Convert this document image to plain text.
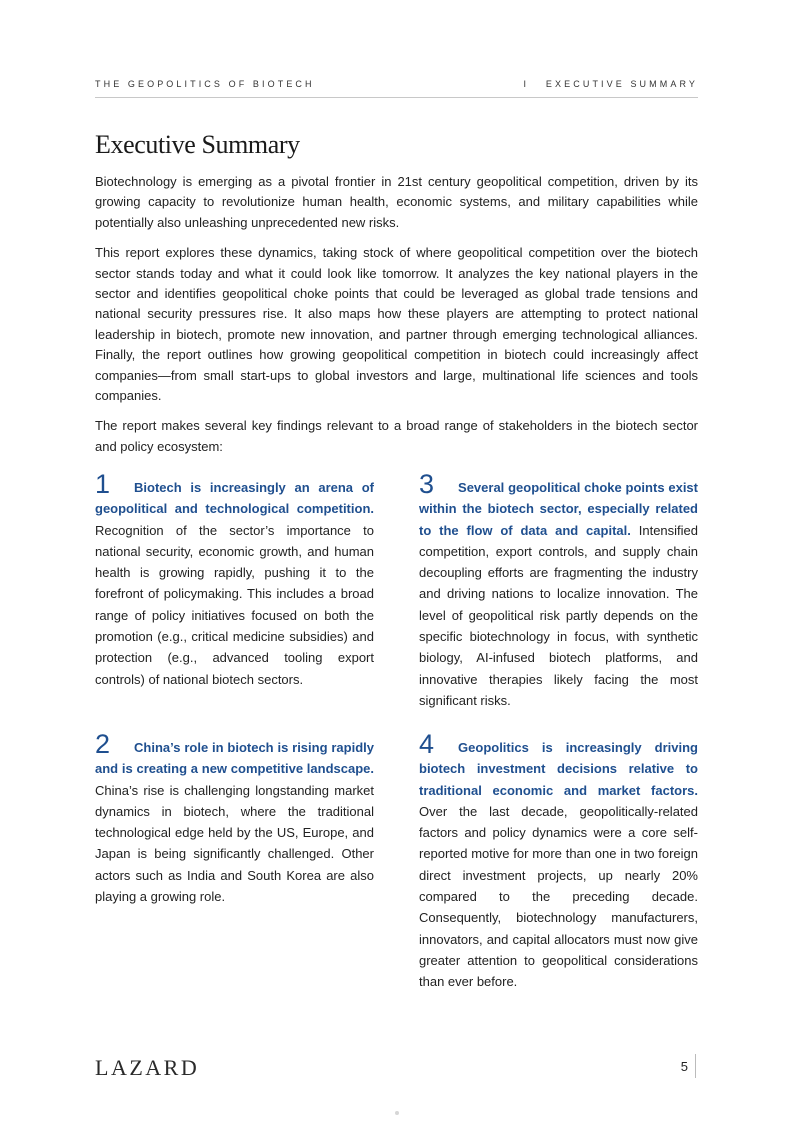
THE GEOPOLITICS OF BIOTECH	I   EXECUTIVE SUMMARY
Executive Summary

Biotechnology is emerging as a pivotal frontier in 21st century geopolitical competition, driven by its growing capacity to revolutionize human health, economic systems, and military capabilities while potentially also unleashing unprecedented new risks.

This report explores these dynamics, taking stock of where geopolitical competition over the biotech sector stands today and what it could look like tomorrow. It analyzes the key national players in the sector and identifies geopolitical choke points that could be leveraged as global trade tensions and national security pressures rise. It also maps how these players are attempting to protect national leadership in biotech, promote new innovation, and partner through emerging technological alliances. Finally, the report outlines how growing geopolitical competition in biotech could increasingly affect companies—from small start-ups to global investors and large, multinational life sciences and tools companies.

The report makes several key findings relevant to a broad range of stakeholders in the biotech sector and policy ecosystem:

1 Biotech is increasingly an arena of geopolitical and technological competition. Recognition of the sector’s importance to national security, economic growth, and human health is growing rapidly, pushing it to the forefront of policymaking. This includes a broad range of policy initiatives focused on both the promotion (e.g., critical medicine subsidies) and protection (e.g., advanced tooling export controls) of national biotech sectors.
2 China’s role in biotech is rising rapidly and is creating a new competitive landscape. China’s rise is challenging longstanding market dynamics in biotech, where the traditional technological edge held by the US, Europe, and Japan is being significantly challenged. Other actors such as India and South Korea are also playing a growing role.
3 Several geopolitical choke points exist within the biotech sector, especially related to the flow of data and capital. Intensified competition, export controls, and supply chain decoupling efforts are fragmenting the industry and driving nations to localize innovation. The level of geopolitical risk partly depends on the specific biotechnology in focus, with synthetic biology, AI-infused biotech platforms, and innovative therapies likely facing the most significant risks.
4 Geopolitics is increasingly driving biotech investment decisions relative to traditional economic and market factors. Over the last decade, geopolitically-related factors and policy dynamics were a core self-reported motive for more than one in two foreign direct investment projects, up nearly 20% compared to the preceding decade. Consequently, biotechnology manufacturers, innovators, and capital allocators must now give greater attention to geopolitical considerations than ever before.
LAZARD	5
